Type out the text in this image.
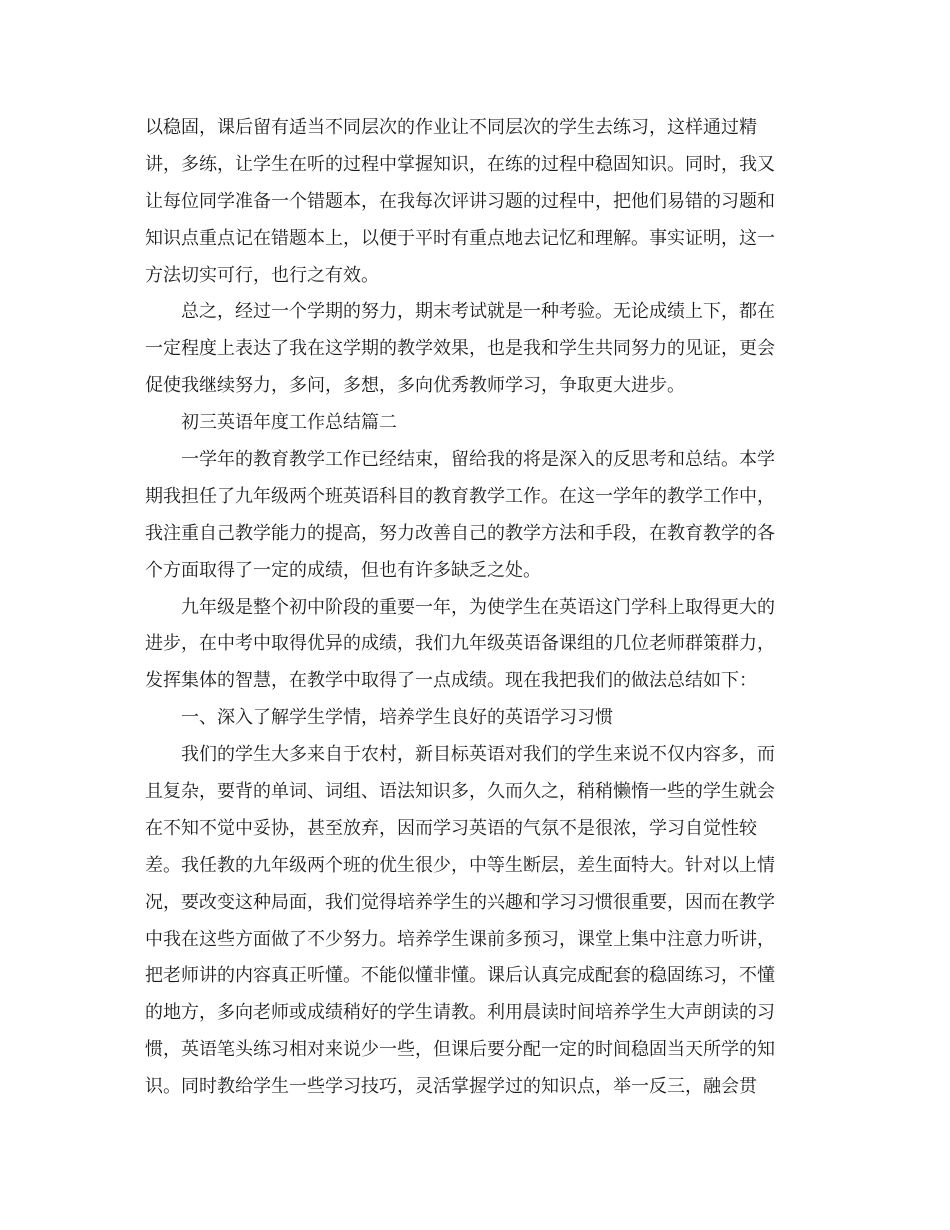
以稳固，课后留有适当不同层次的作业让不同层次的学生去练习，这样通过精
讲，多练，让学生在听的过程中掌握知识，在练的过程中稳固知识。同时，我又
让每位同学准备一个错题本，在我每次评讲习题的过程中，把他们易错的习题和
知识点重点记在错题本上，以便于平时有重点地去记忆和理解。事实证明，这一
方法切实可行，也行之有效。
总之，经过一个学期的努力，期末考试就是一种考验。无论成绩上下，都在
一定程度上表达了我在这学期的教学效果，也是我和学生共同努力的见证，更会
促使我继续努力，多问，多想，多向优秀教师学习，争取更大进步。
初三英语年度工作总结篇二
一学年的教育教学工作已经结束，留给我的将是深入的反思考和总结。本学
期我担任了九年级两个班英语科目的教育教学工作。在这一学年的教学工作中，
我注重自己教学能力的提高，努力改善自己的教学方法和手段，在教育教学的各
个方面取得了一定的成绩，但也有许多缺乏之处。
九年级是整个初中阶段的重要一年，为使学生在英语这门学科上取得更大的
进步，在中考中取得优异的成绩，我们九年级英语备课组的几位老师群策群力，
发挥集体的智慧，在教学中取得了一点成绩。现在我把我们的做法总结如下：
一、深入了解学生学情，培养学生良好的英语学习习惯
我们的学生大多来自于农村，新目标英语对我们的学生来说不仅内容多，而
且复杂，要背的单词、词组、语法知识多，久而久之，稍稍懒惰一些的学生就会
在不知不觉中妥协，甚至放弃，因而学习英语的气氛不是很浓，学习自觉性较
差。我任教的九年级两个班的优生很少，中等生断层，差生面特大。针对以上情
况，要改变这种局面，我们觉得培养学生的兴趣和学习习惯很重要，因而在教学
中我在这些方面做了不少努力。培养学生课前多预习，课堂上集中注意力听讲，
把老师讲的内容真正听懂。不能似懂非懂。课后认真完成配套的稳固练习，不懂
的地方，多向老师或成绩稍好的学生请教。利用晨读时间培养学生大声朗读的习
惯，英语笔头练习相对来说少一些，但课后要分配一定的时间稳固当天所学的知
识。同时教给学生一些学习技巧，灵活掌握学过的知识点，举一反三，融会贯
